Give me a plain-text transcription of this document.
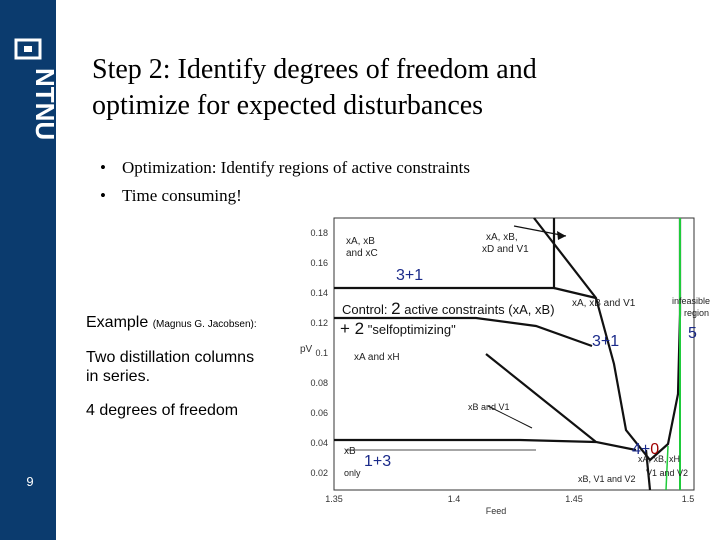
NTNU
9
Step 2: Identify degrees of freedom and
optimize for expected disturbances
• Optimization: Identify regions of active constraints
• Time consuming!
Example (Magnus G. Jacobsen):
Two distillation columns
in series.
4 degrees of freedom
0.18
0.16
0.14
0.12
0.1
0.08
0.06
0.04
0.02
pV
1.35	1.4	1.45	1.5
Feed
xA, xB
and xC
xA, xB,
xD and V1
xA, xB and V1
xA and xH
xB and V1
xB
only
xA, xB, xH
xB, V1 and V2
V1 and V2
infeasible
region
3+1
Control: 2 active constraints (xA, xB)
+ 2 "selfoptimizing"
3+1	5
1+3
4+0
